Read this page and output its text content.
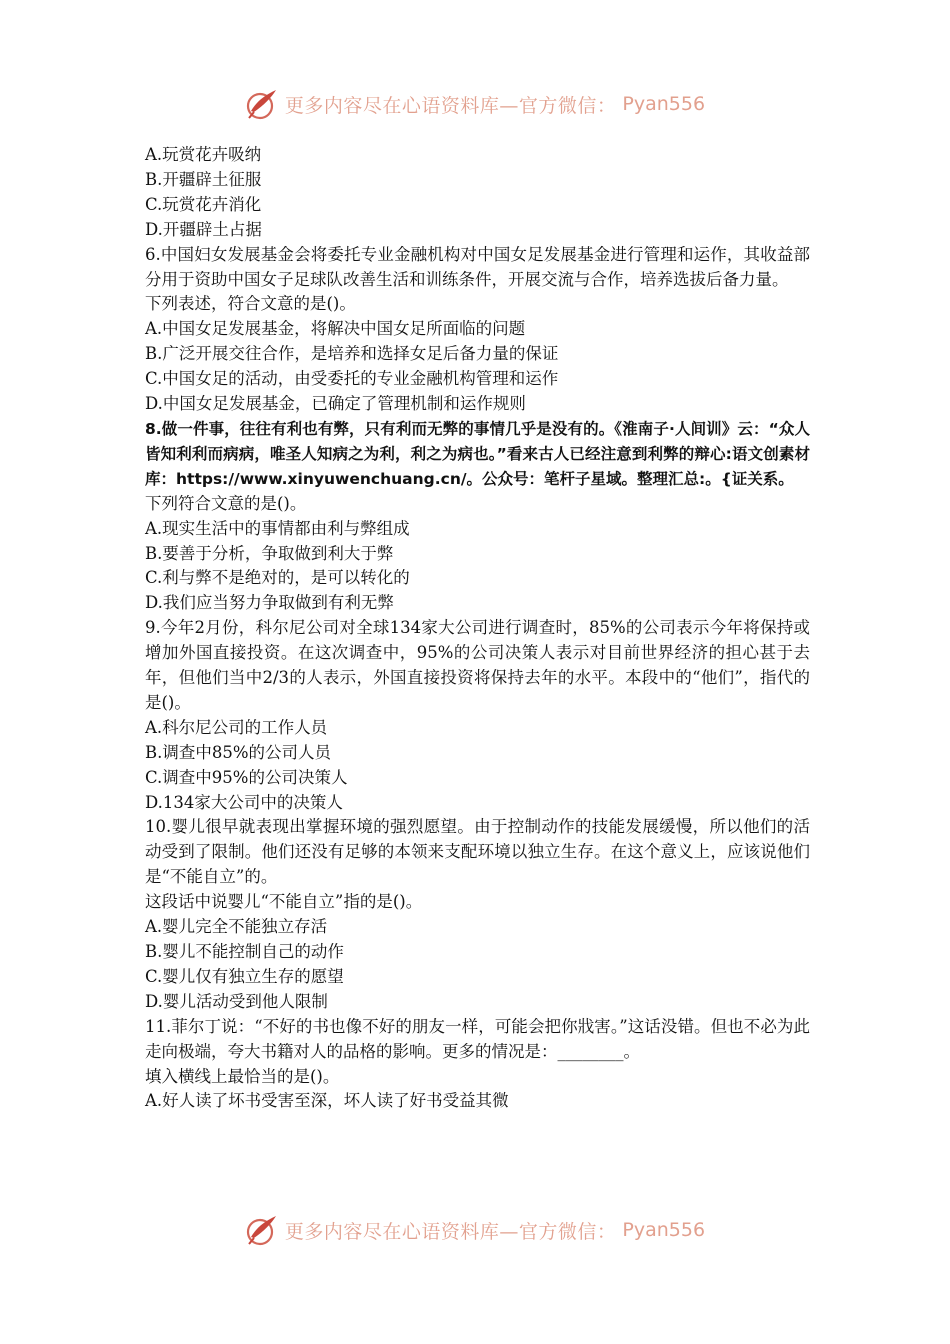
更多内容尽在心语资料库—官方微信： Pyan556

A.玩赏花卉吸纳

B.开疆辟土征服

C.玩赏花卉消化

D.开疆辟土占据

6.中国妇女发展基金会将委托专业金融机构对中国女足发展基金进行管理和运作，其收益部分用于资助中国女子足球队改善生活和训练条件，开展交流与合作，培养选拔后备力量。

下列表述，符合文意的是()。

A.中国女足发展基金，将解决中国女足所面临的问题

B.广泛开展交往合作，是培养和选择女足后备力量的保证

C.中国女足的活动，由受委托的专业金融机构管理和运作

D.中国女足发展基金，已确定了管理机制和运作规则

8.做一件事，往往有利也有弊，只有利而无弊的事情几乎是没有的。《淮南子·人间训》云：“众人皆知利利而病病，唯圣人知病之为利，利之为病也。”看来古人已经注意到利弊的辩心:语文创素材库：https://www.xinyuwenchuang.cn/。公众号：笔杆子星域。整理汇总:。{证关系。

下列符合文意的是()。

A.现实生活中的事情都由利与弊组成

B.要善于分析，争取做到利大于弊

C.利与弊不是绝对的，是可以转化的

D.我们应当努力争取做到有利无弊

9.今年2月份，科尔尼公司对全球134家大公司进行调查时，85%的公司表示今年将保持或增加外国直接投资。在这次调查中，95%的公司决策人表示对目前世界经济的担心甚于去年，但他们当中2/3的人表示，外国直接投资将保持去年的水平。本段中的“他们”，指代的是()。

A.科尔尼公司的工作人员

B.调查中85%的公司人员

C.调查中95%的公司决策人

D.134家大公司中的决策人

10.婴儿很早就表现出掌握环境的强烈愿望。由于控制动作的技能发展缓慢，所以他们的活动受到了限制。他们还没有足够的本领来支配环境以独立生存。在这个意义上，应该说他们是“不能自立”的。

这段话中说婴儿“不能自立”指的是()。

A.婴儿完全不能独立存活

B.婴儿不能控制自己的动作

C.婴儿仅有独立生存的愿望

D.婴儿活动受到他人限制

11.菲尔丁说：“不好的书也像不好的朋友一样，可能会把你戕害。”这话没错。但也不必为此走向极端，夸大书籍对人的品格的影响。更多的情况是：________。

填入横线上最恰当的是()。

A.好人读了坏书受害至深，坏人读了好书受益其微

更多内容尽在心语资料库—官方微信： Pyan556
